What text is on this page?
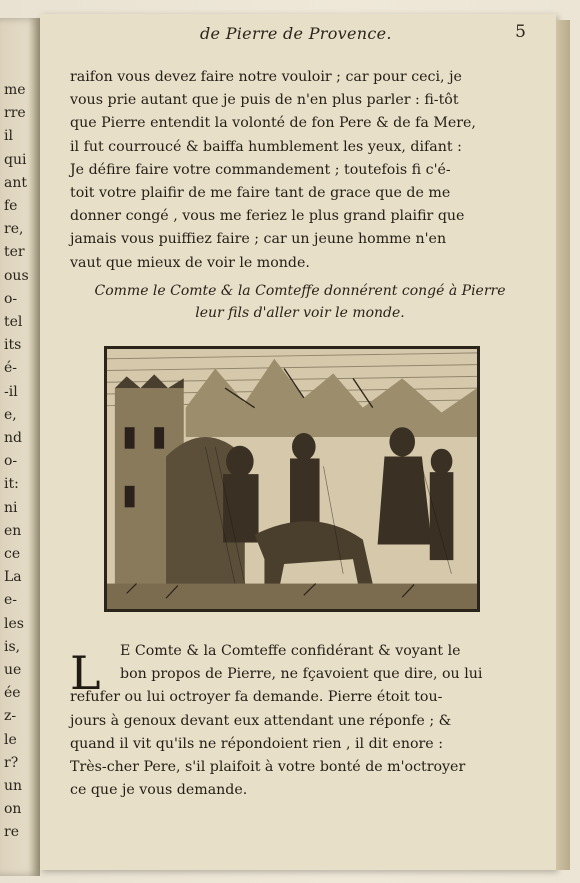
me
rre
il
qui
ant
fe
re,
ter
ous
o-
tel
its
é-
-il
e,
nd
o-
it:
ni
en
ce
La
e-
les
is,
ue
ée
z-
le
r?
un
on
re
de Pierre de Provence.	5
raifon vous devez faire notre vouloir ; car pour ceci, je
vous prie autant que je puis de n'en plus parler : fi-tôt
que Pierre entendit la volonté de fon Pere & de fa Mere,
il fut courroucé & baiffa humblement les yeux, difant :
Je défire faire votre commandement ; toutefois fi c'é-
toit votre plaifir de me faire tant de grace que de me
donner congé , vous me feriez le plus grand plaifir que
jamais vous puiffiez faire ; car un jeune homme n'en
vaut que mieux de voir le monde.
Comme le Comte & la Comteffe donnérent congé à Pierre
leur fils d'aller voir le monde.
L	E Comte & la Comteffe confidérant & voyant le
bon propos de Pierre, ne fçavoient que dire, ou lui
refufer ou lui octroyer fa demande. Pierre étoit tou-
jours à genoux devant eux attendant une réponfe ; &
quand il vit qu'ils ne répondoient rien , il dit enore :
Très-cher Pere, s'il plaifoit à votre bonté de m'octroyer
ce que je vous demande.
